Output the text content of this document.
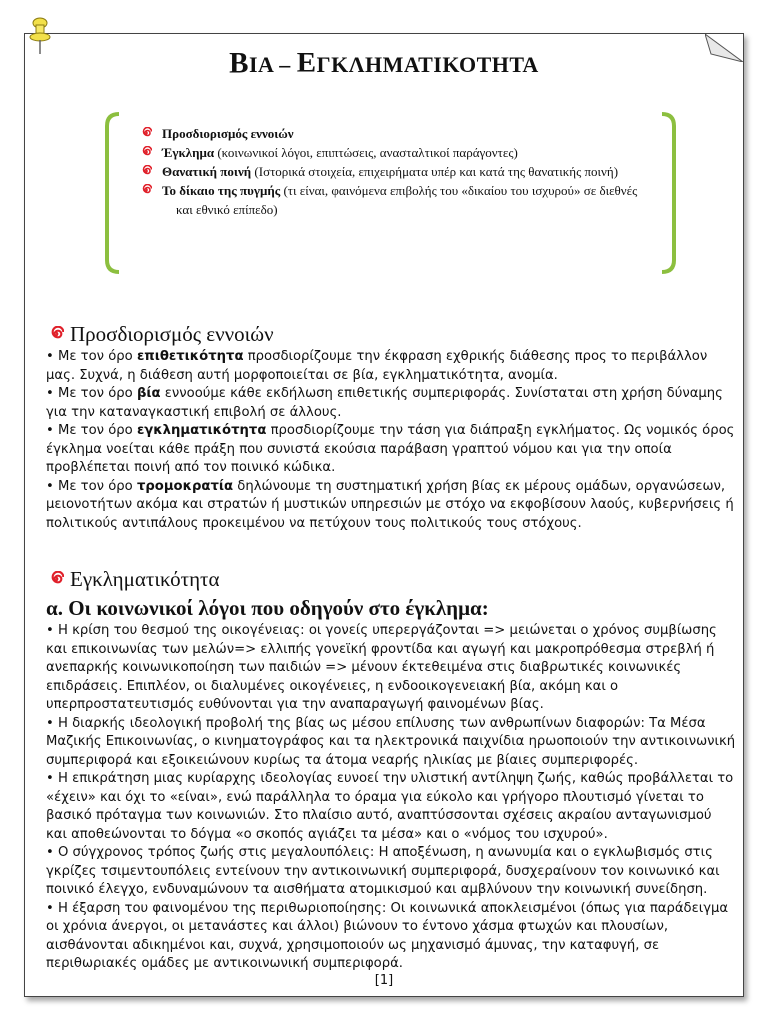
ΒΙΑ – ΕΓΚΛΗΜΑΤΙΚΟΤΗΤΑ
Προσδιορισμός εννοιών
Έγκλημα (κοινωνικοί λόγοι, επιπτώσεις, ανασταλτικοί παράγοντες)
Θανατική ποινή (Ιστορικά στοιχεία, επιχειρήματα υπέρ και κατά της θανατικής ποινή)
Το δίκαιο της πυγμής (τι είναι, φαινόμενα επιβολής του «δικαίου του ισχυρού» σε διεθνές
και εθνικό επίπεδο)
Προσδιορισμός εννοιών

• Με τον όρο επιθετικότητα προσδιορίζουμε την έκφραση εχθρικής διάθεσης προς το περιβάλλον μας. Συχνά, η διάθεση αυτή μορφοποιείται σε βία, εγκληματικότητα, ανομία.

• Με τον όρο βία εννοούμε κάθε εκδήλωση επιθετικής συμπεριφοράς. Συνίσταται στη χρήση δύναμης για την καταναγκαστική επιβολή σε άλλους.

• Με τον όρο εγκληματικότητα προσδιορίζουμε την τάση για διάπραξη εγκλήματος. Ως νομικός όρος έγκλημα νοείται κάθε πράξη που συνιστά εκούσια παράβαση γραπτού νόμου και για την οποία προβλέπεται ποινή από τον ποινικό κώδικα.

• Με τον όρο τρομοκρατία δηλώνουμε τη συστηματική χρήση βίας εκ μέρους ομάδων, οργανώσεων, μειονοτήτων ακόμα και στρατών ή μυστικών υπηρεσιών με στόχο να εκφοβίσουν λαούς, κυβερνήσεις ή πολιτικούς αντιπάλους προκειμένου να πετύχουν τους πολιτικούς τους στόχους.

Εγκληματικότητα
α. Οι κοινωνικοί λόγοι που οδηγούν στο έγκλημα:

• Η κρίση του θεσμού της οικογένειας: οι γονείς υπερεργάζονται => μειώνεται ο χρόνος συμβίωσης και επικοινωνίας των μελών=> ελλιπής γονεϊκή φροντίδα και αγωγή και μακροπρόθεσμα στρεβλή ή ανεπαρκής κοινωνικοποίηση των παιδιών => μένουν έκτεθειμένα στις διαβρωτικές κοινωνικές επιδράσεις. Επιπλέον, οι διαλυμένες οικογένειες, η ενδοοικογενειακή βία, ακόμη και ο υπερπροστατευτισμός ευθύνονται για την αναπαραγωγή φαινομένων βίας.

• Η διαρκής ιδεολογική προβολή της βίας ως μέσου επίλυσης των ανθρωπίνων διαφορών: Τα Μέσα Μαζικής Επικοινωνίας, ο κινηματογράφος και τα ηλεκτρονικά παιχνίδια ηρωοποιούν την αντικοινωνική συμπεριφορά και εξοικειώνουν κυρίως τα άτομα νεαρής ηλικίας με βίαιες συμπεριφορές.

• Η επικράτηση μιας κυρίαρχης ιδεολογίας ευνοεί την υλιστική αντίληψη ζωής, καθώς προβάλλεται το «έχειν» και όχι το «είναι», ενώ παράλληλα το όραμα για εύκολο και γρήγορο πλουτισμό γίνεται το βασικό πρόταγμα των κοινωνιών. Στο πλαίσιο αυτό, αναπτύσσονται σχέσεις ακραίου ανταγωνισμού και αποθεώνονται το δόγμα «ο σκοπός αγιάζει τα μέσα» και ο «νόμος του ισχυρού».

• Ο σύγχρονος τρόπος ζωής στις μεγαλουπόλεις: Η αποξένωση, η ανωνυμία και ο εγκλωβισμός στις γκρίζες τσιμεντουπόλεις εντείνουν την αντικοινωνική συμπεριφορά, δυσχεραίνουν τον κοινωνικό και ποινικό έλεγχο, ενδυναμώνουν τα αισθήματα ατομικισμού και αμβλύνουν την κοινωνική συνείδηση.

• Η έξαρση του φαινομένου της περιθωριοποίησης: Οι κοινωνικά αποκλεισμένοι (όπως για παράδειγμα οι χρόνια άνεργοι, οι μετανάστες και άλλοι) βιώνουν το έντονο χάσμα φτωχών και πλουσίων, αισθάνονται αδικημένοι και, συχνά, χρησιμοποιούν ως μηχανισμό άμυνας, την καταφυγή, σε περιθωριακές ομάδες με αντικοινωνική συμπεριφορά.

[1]
